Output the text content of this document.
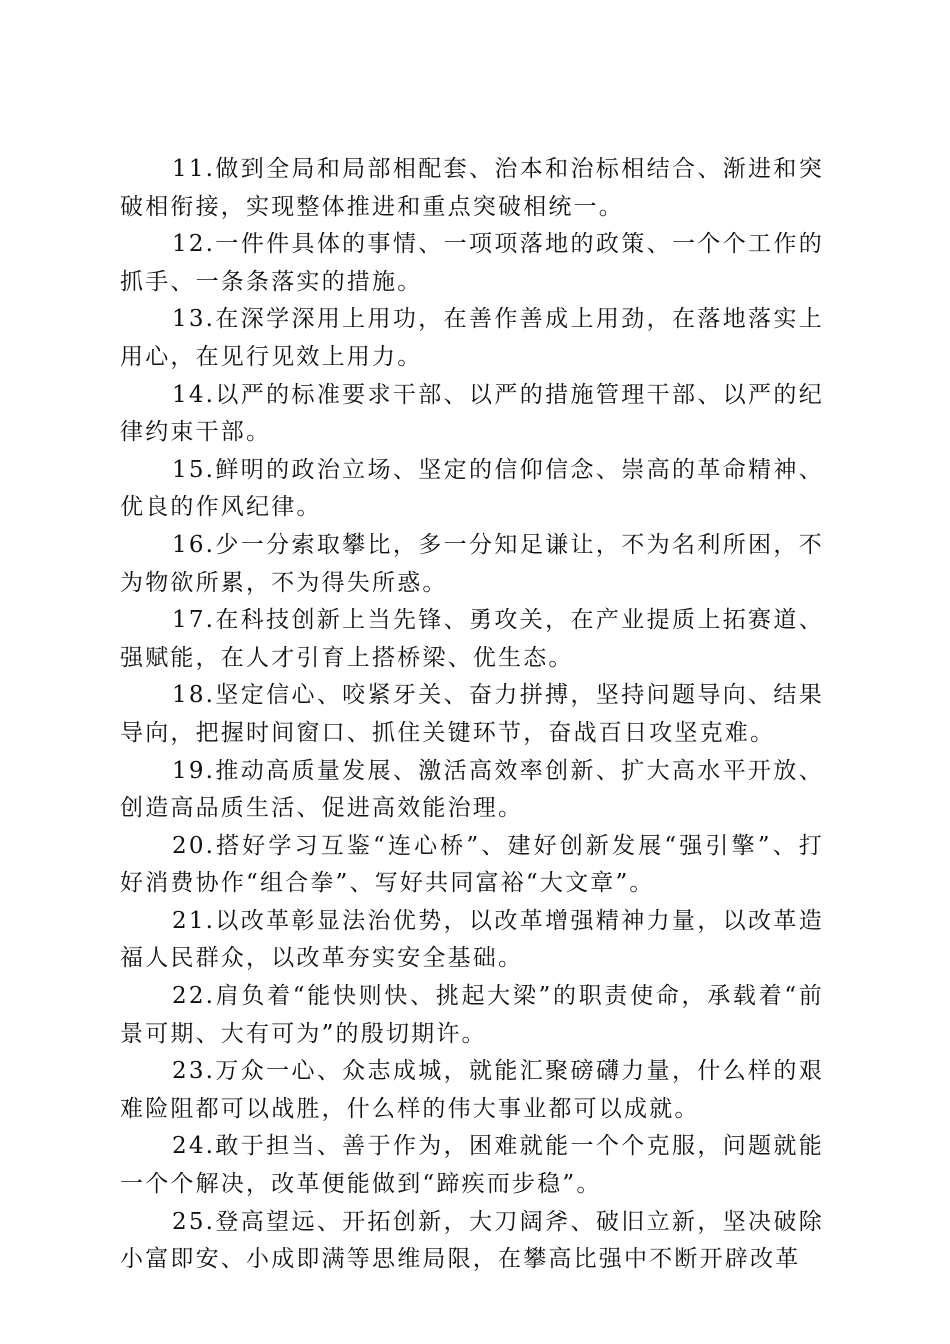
11.做到全局和局部相配套、治本和治标相结合、渐进和突破相衔接，实现整体推进和重点突破相统一。

12.一件件具体的事情、一项项落地的政策、一个个工作的抓手、一条条落实的措施。

13.在深学深用上用功，在善作善成上用劲，在落地落实上用心，在见行见效上用力。

14.以严的标准要求干部、以严的措施管理干部、以严的纪律约束干部。

15.鲜明的政治立场、坚定的信仰信念、崇高的革命精神、优良的作风纪律。

16.少一分索取攀比，多一分知足谦让，不为名利所困，不为物欲所累，不为得失所惑。

17.在科技创新上当先锋、勇攻关，在产业提质上拓赛道、强赋能，在人才引育上搭桥梁、优生态。

18.坚定信心、咬紧牙关、奋力拼搏，坚持问题导向、结果导向，把握时间窗口、抓住关键环节，奋战百日攻坚克难。

19.推动高质量发展、激活高效率创新、扩大高水平开放、创造高品质生活、促进高效能治理。

20.搭好学习互鉴“连心桥”、建好创新发展“强引擎”、打好消费协作“组合拳”、写好共同富裕“大文章”。

21.以改革彰显法治优势，以改革增强精神力量，以改革造福人民群众，以改革夯实安全基础。

22.肩负着“能快则快、挑起大梁”的职责使命，承载着“前景可期、大有可为”的殷切期许。

23.万众一心、众志成城，就能汇聚磅礴力量，什么样的艰难险阻都可以战胜，什么样的伟大事业都可以成就。

24.敢于担当、善于作为，困难就能一个个克服，问题就能一个个解决，改革便能做到“蹄疾而步稳”。

25.登高望远、开拓创新，大刀阔斧、破旧立新，坚决破除小富即安、小成即满等思维局限，在攀高比强中不断开辟改革
